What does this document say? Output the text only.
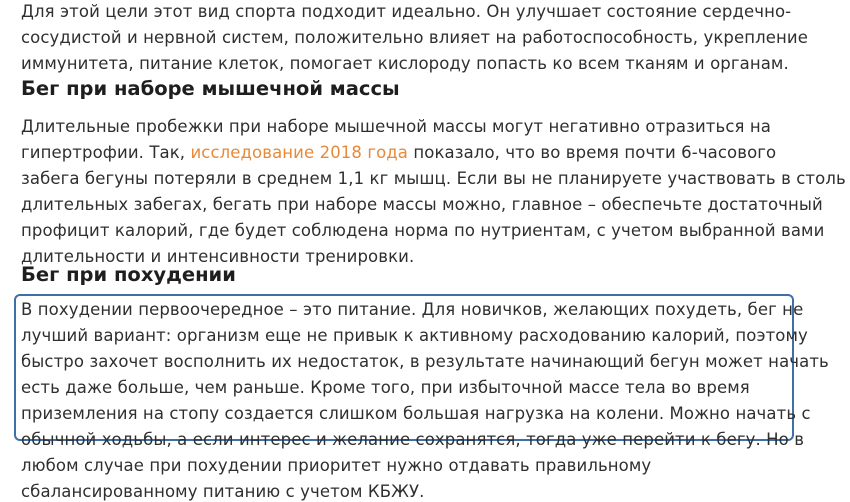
Для этой цели этот вид спорта подходит идеально. Он улучшает состояние сердечно-
сосудистой и нервной систем, положительно влияет на работоспособность, укрепление
иммунитета, питание клеток, помогает кислороду попасть ко всем тканям и органам.

Бег при наборе мышечной массы

Длительные пробежки при наборе мышечной массы могут негативно отразиться на
гипертрофии. Так, исследование 2018 года показало, что во время почти 6-часового
забега бегуны потеряли в среднем 1,1 кг мышц. Если вы не планируете участвовать в столь
длительных забегах, бегать при наборе массы можно, главное – обеспечьте достаточный
профицит калорий, где будет соблюдена норма по нутриентам, с учетом выбранной вами
длительности и интенсивности тренировки.

Бег при похудении

В похудении первоочередное – это питание. Для новичков, желающих похудеть, бег не
лучший вариант: организм еще не привык к активному расходованию калорий, поэтому
быстро захочет восполнить их недостаток, в результате начинающий бегун может начать
есть даже больше, чем раньше. Кроме того, при избыточной массе тела во время
приземления на стопу создается слишком большая нагрузка на колени. Можно начать с
обычной ходьбы, а если интерес и желание сохранятся, тогда уже перейти к бегу. Но в
любом случае при похудении приоритет нужно отдавать правильному
сбалансированному питанию с учетом КБЖУ.
